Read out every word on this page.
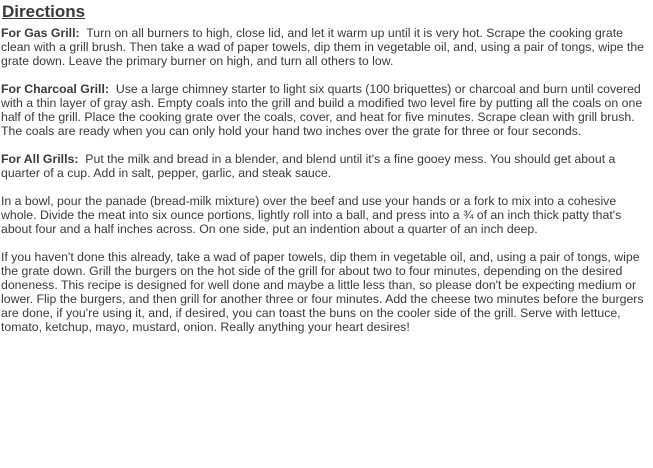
Directions

For Gas Grill: Turn on all burners to high, close lid, and let it warm up until it is very hot. Scrape the cooking grate clean with a grill brush. Then take a wad of paper towels, dip them in vegetable oil, and, using a pair of tongs, wipe the grate down. Leave the primary burner on high, and turn all others to low.

For Charcoal Grill: Use a large chimney starter to light six quarts (100 briquettes) or charcoal and burn until covered with a thin layer of gray ash. Empty coals into the grill and build a modified two level fire by putting all the coals on one half of the grill. Place the cooking grate over the coals, cover, and heat for five minutes. Scrape clean with grill brush. The coals are ready when you can only hold your hand two inches over the grate for three or four seconds.

For All Grills: Put the milk and bread in a blender, and blend until it's a fine gooey mess. You should get about a quarter of a cup. Add in salt, pepper, garlic, and steak sauce.

In a bowl, pour the panade (bread-milk mixture) over the beef and use your hands or a fork to mix into a cohesive whole. Divide the meat into six ounce portions, lightly roll into a ball, and press into a ¾ of an inch thick patty that's about four and a half inches across. On one side, put an indention about a quarter of an inch deep.

If you haven't done this already, take a wad of paper towels, dip them in vegetable oil, and, using a pair of tongs, wipe the grate down. Grill the burgers on the hot side of the grill for about two to four minutes, depending on the desired doneness. This recipe is designed for well done and maybe a little less than, so please don't be expecting medium or lower. Flip the burgers, and then grill for another three or four minutes. Add the cheese two minutes before the burgers are done, if you're using it, and, if desired, you can toast the buns on the cooler side of the grill. Serve with lettuce, tomato, ketchup, mayo, mustard, onion. Really anything your heart desires!
